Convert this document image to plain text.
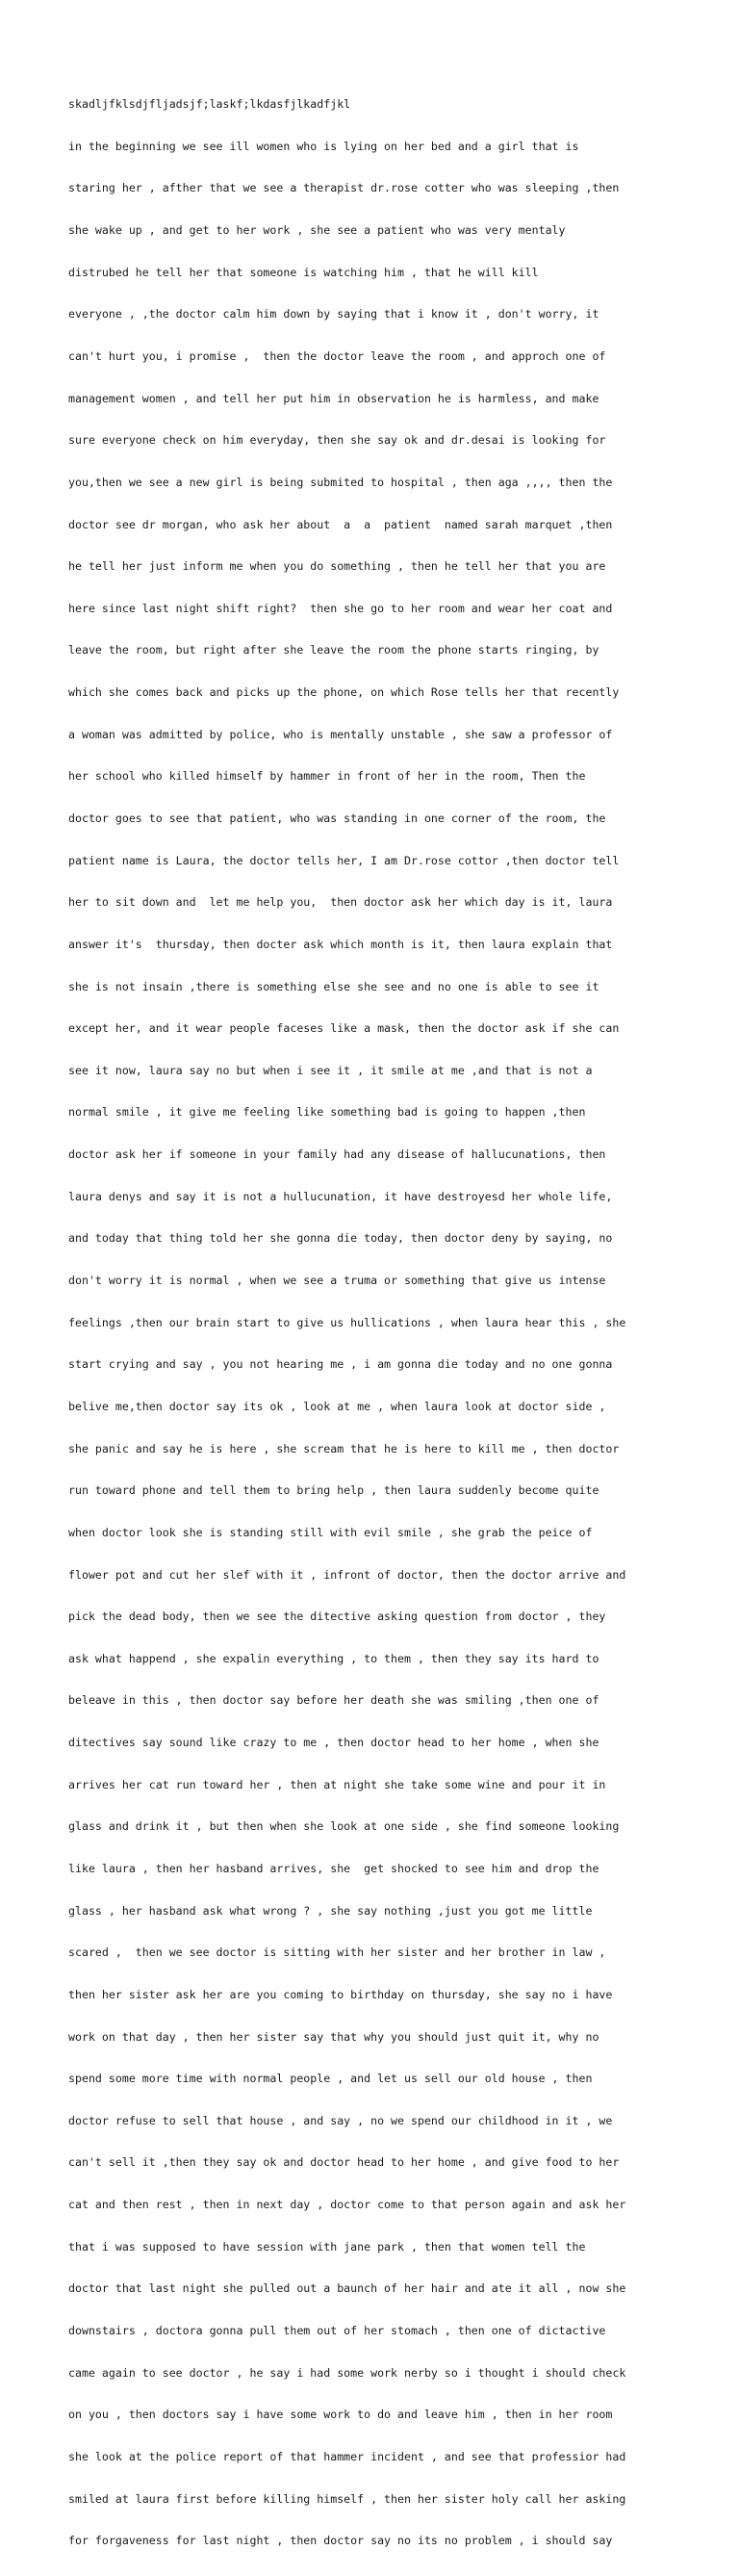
skadljfklsdjfljadsjf;laskf;lkdasfjlkadfjkl

in the beginning we see ill women who is lying on her bed and a girl that is

staring her , afther that we see a therapist dr.rose cotter who was sleeping ,then

she wake up , and get to her work , she see a patient who was very mentaly

distrubed he tell her that someone is watching him , that he will kill

everyone , ,the doctor calm him down by saying that i know it , don't worry, it

can't hurt you, i promise ,  then the doctor leave the room , and approch one of

management women , and tell her put him in observation he is harmless, and make

sure everyone check on him everyday, then she say ok and dr.desai is looking for

you,then we see a new girl is being submited to hospital , then aga ,,,, then the

doctor see dr morgan, who ask her about  a  a  patient  named sarah marquet ,then

he tell her just inform me when you do something , then he tell her that you are

here since last night shift right?  then she go to her room and wear her coat and

leave the room, but right after she leave the room the phone starts ringing, by

which she comes back and picks up the phone, on which Rose tells her that recently

a woman was admitted by police, who is mentally unstable , she saw a professor of

her school who killed himself by hammer in front of her in the room, Then the

doctor goes to see that patient, who was standing in one corner of the room, the

patient name is Laura, the doctor tells her, I am Dr.rose cottor ,then doctor tell

her to sit down and  let me help you,  then doctor ask her which day is it, laura

answer it's  thursday, then docter ask which month is it, then laura explain that

she is not insain ,there is something else she see and no one is able to see it

except her, and it wear people faceses like a mask, then the doctor ask if she can

see it now, laura say no but when i see it , it smile at me ,and that is not a

normal smile , it give me feeling like something bad is going to happen ,then

doctor ask her if someone in your family had any disease of hallucunations, then

laura denys and say it is not a hullucunation, it have destroyesd her whole life,

and today that thing told her she gonna die today, then doctor deny by saying, no

don't worry it is normal , when we see a truma or something that give us intense

feelings ,then our brain start to give us hullications , when laura hear this , she

start crying and say , you not hearing me , i am gonna die today and no one gonna

belive me,then doctor say its ok , look at me , when laura look at doctor side ,

she panic and say he is here , she scream that he is here to kill me , then doctor

run toward phone and tell them to bring help , then laura suddenly become quite

when doctor look she is standing still with evil smile , she grab the peice of

flower pot and cut her slef with it , infront of doctor, then the doctor arrive and

pick the dead body, then we see the ditective asking question from doctor , they

ask what happend , she expalin everything , to them , then they say its hard to

beleave in this , then doctor say before her death she was smiling ,then one of

ditectives say sound like crazy to me , then doctor head to her home , when she

arrives her cat run toward her , then at night she take some wine and pour it in

glass and drink it , but then when she look at one side , she find someone looking

like laura , then her hasband arrives, she  get shocked to see him and drop the

glass , her hasband ask what wrong ? , she say nothing ,just you got me little

scared ,  then we see doctor is sitting with her sister and her brother in law ,

then her sister ask her are you coming to birthday on thursday, she say no i have

work on that day , then her sister say that why you should just quit it, why no

spend some more time with normal people , and let us sell our old house , then

doctor refuse to sell that house , and say , no we spend our childhood in it , we

can't sell it ,then they say ok and doctor head to her home , and give food to her

cat and then rest , then in next day , doctor come to that person again and ask her

that i was supposed to have session with jane park , then that women tell the

doctor that last night she pulled out a baunch of her hair and ate it all , now she

downstairs , doctora gonna pull them out of her stomach , then one of dictactive

came again to see doctor , he say i had some work nerby so i thought i should check

on you , then doctors say i have some work to do and leave him , then in her room

she look at the police report of that hammer incident , and see that professior had

smiled at laura first before killing himself , then her sister holy call her asking

for forgaveness for last night , then doctor say no its no problem , i should say
